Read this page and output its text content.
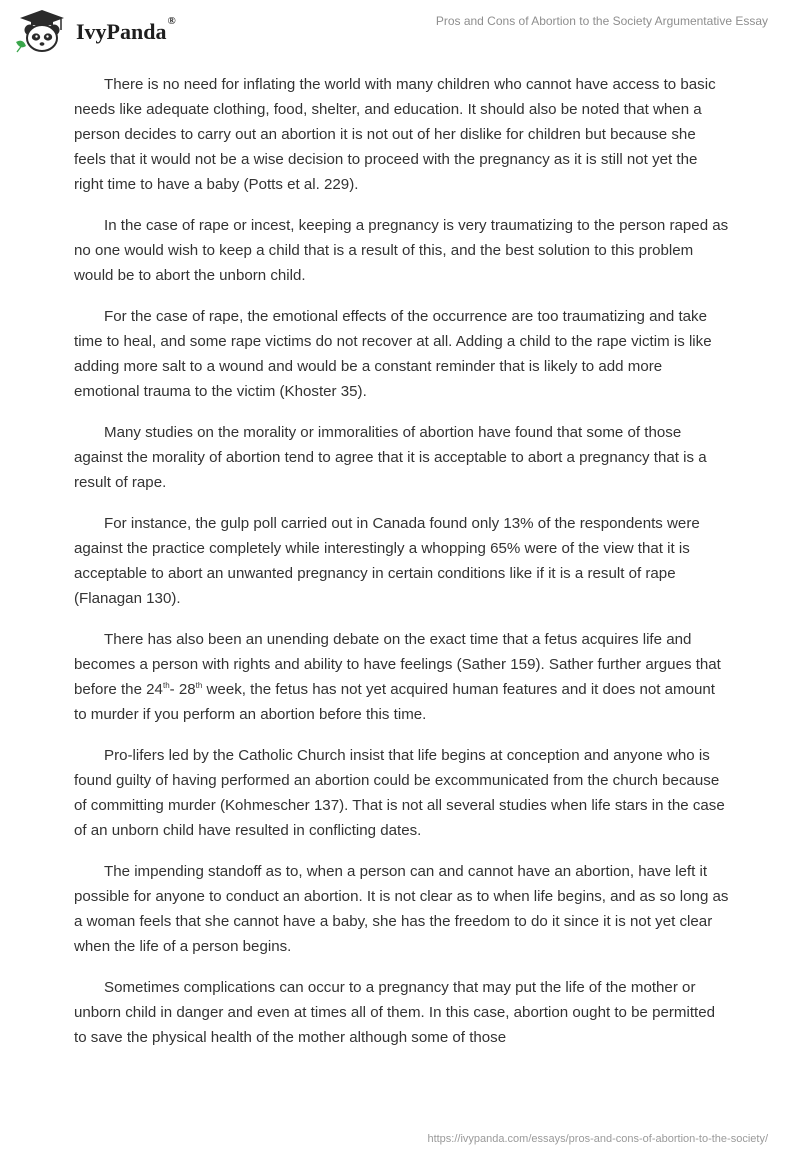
IvyPanda®	Pros and Cons of Abortion to the Society Argumentative Essay

There is no need for inflating the world with many children who cannot have access to basic needs like adequate clothing, food, shelter, and education. It should also be noted that when a person decides to carry out an abortion it is not out of her dislike for children but because she feels that it would not be a wise decision to proceed with the pregnancy as it is still not yet the right time to have a baby (Potts et al. 229).

In the case of rape or incest, keeping a pregnancy is very traumatizing to the person raped as no one would wish to keep a child that is a result of this, and the best solution to this problem would be to abort the unborn child.

For the case of rape, the emotional effects of the occurrence are too traumatizing and take time to heal, and some rape victims do not recover at all. Adding a child to the rape victim is like adding more salt to a wound and would be a constant reminder that is likely to add more emotional trauma to the victim (Khoster 35).

Many studies on the morality or immoralities of abortion have found that some of those against the morality of abortion tend to agree that it is acceptable to abort a pregnancy that is a result of rape.

For instance, the gulp poll carried out in Canada found only 13% of the respondents were against the practice completely while interestingly a whopping 65% were of the view that it is acceptable to abort an unwanted pregnancy in certain conditions like if it is a result of rape (Flanagan 130).

There has also been an unending debate on the exact time that a fetus acquires life and becomes a person with rights and ability to have feelings (Sather 159). Sather further argues that before the 24th- 28th week, the fetus has not yet acquired human features and it does not amount to murder if you perform an abortion before this time.

Pro-lifers led by the Catholic Church insist that life begins at conception and anyone who is found guilty of having performed an abortion could be excommunicated from the church because of committing murder (Kohmescher 137). That is not all several studies when life stars in the case of an unborn child have resulted in conflicting dates.

The impending standoff as to, when a person can and cannot have an abortion, have left it possible for anyone to conduct an abortion. It is not clear as to when life begins, and as so long as a woman feels that she cannot have a baby, she has the freedom to do it since it is not yet clear when the life of a person begins.

Sometimes complications can occur to a pregnancy that may put the life of the mother or unborn child in danger and even at times all of them. In this case, abortion ought to be permitted to save the physical health of the mother although some of those

https://ivypanda.com/essays/pros-and-cons-of-abortion-to-the-society/
